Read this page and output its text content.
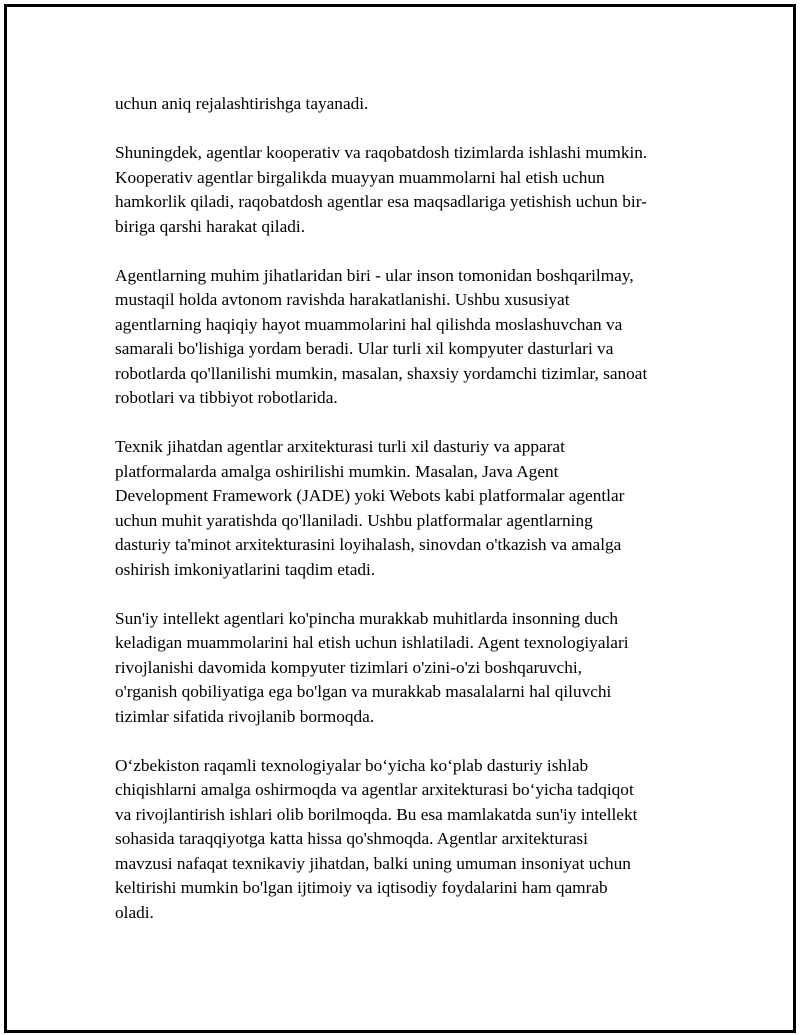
uchun aniq rejalashtirishga tayanadi.
Shuningdek, agentlar kooperativ va raqobatdosh tizimlarda ishlashi mumkin.
Kooperativ agentlar birgalikda muayyan muammolarni hal etish uchun
hamkorlik qiladi, raqobatdosh agentlar esa maqsadlariga yetishish uchun bir-
biriga qarshi harakat qiladi.
Agentlarning muhim jihatlaridan biri - ular inson tomonidan boshqarilmay,
mustaqil holda avtonom ravishda harakatlanishi. Ushbu xususiyat
agentlarning haqiqiy hayot muammolarini hal qilishda moslashuvchan va
samarali bo'lishiga yordam beradi. Ular turli xil kompyuter dasturlari va
robotlarda qo'llanilishi mumkin, masalan, shaxsiy yordamchi tizimlar, sanoat
robotlari va tibbiyot robotlarida.
Texnik jihatdan agentlar arxitekturasi turli xil dasturiy va apparat
platformalarda amalga oshirilishi mumkin. Masalan, Java Agent
Development Framework (JADE) yoki Webots kabi platformalar agentlar
uchun muhit yaratishda qo'llaniladi. Ushbu platformalar agentlarning
dasturiy ta'minot arxitekturasini loyihalash, sinovdan o'tkazish va amalga
oshirish imkoniyatlarini taqdim etadi.
Sun'iy intellekt agentlari ko'pincha murakkab muhitlarda insonning duch
keladigan muammolarini hal etish uchun ishlatiladi. Agent texnologiyalari
rivojlanishi davomida kompyuter tizimlari o'zini-o'zi boshqaruvchi,
o'rganish qobiliyatiga ega bo'lgan va murakkab masalalarni hal qiluvchi
tizimlar sifatida rivojlanib bormoqda.
O‘zbekiston raqamli texnologiyalar bo‘yicha ko‘plab dasturiy ishlab
chiqishlarni amalga oshirmoqda va agentlar arxitekturasi bo‘yicha tadqiqot
va rivojlantirish ishlari olib borilmoqda. Bu esa mamlakatda sun'iy intellekt
sohasida taraqqiyotga katta hissa qo'shmoqda. Agentlar arxitekturasi
mavzusi nafaqat texnikaviy jihatdan, balki uning umuman insoniyat uchun
keltirishi mumkin bo'lgan ijtimoiy va iqtisodiy foydalarini ham qamrab
oladi.
